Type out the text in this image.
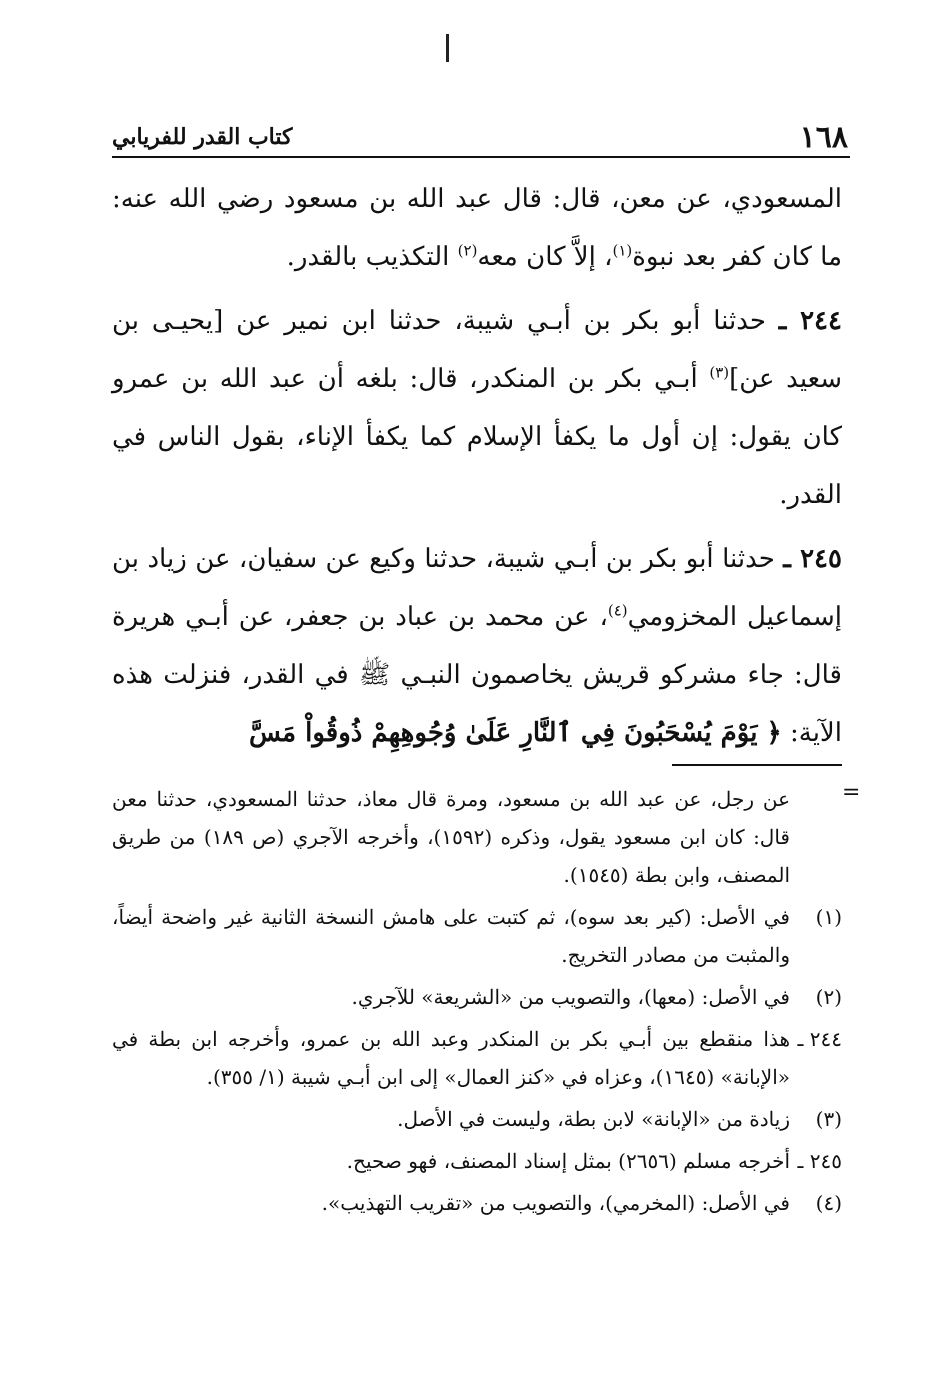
١٦٨
كتاب القدر للفريابي

المسعودي، عن معن، قال: قال عبد الله بن مسعود رضي الله عنه: ما كان كفر بعد نبوة$^{(١)}$، إلاَّ كان معه$^{(٢)}$ التكذيب بالقدر.

٢٤٤ ـ حدثنا أبو بكر بن أبـي شيبة، حدثنا ابن نمير عن [يحيـى بن سعيد عن]$^{(٣)}$ أبـي بكر بن المنكدر، قال: بلغه أن عبد الله بن عمرو كان يقول: إن أول ما يكفأ الإسلام كما يكفأ الإناء، بقول الناس في القدر.

٢٤٥ ـ حدثنا أبو بكر بن أبـي شيبة، حدثنا وكيع عن سفيان، عن زياد بن إسماعيل المخزومي$^{(٤)}$، عن محمد بن عباد بن جعفر، عن أبـي هريرة قال: جاء مشركو قريش يخاصمون النبـي ﷺ في القدر، فنزلت هذه الآية: ﴿ يَوْمَ يُسْحَبُونَ فِي ٱلنَّارِ عَلَىٰ وُجُوهِهِمْ ذُوقُواْ مَسَّ

=
عن رجل، عن عبد الله بن مسعود، ومرة قال معاذ، حدثنا المسعودي، حدثنا معن قال: كان ابن مسعود يقول، وذكره (١٥٩٢)، وأخرجه الآجري (ص ١٨٩) من طريق المصنف، وابن بطة (١٥٤٥).
(١)
في الأصل: (كير بعد سوه)، ثم كتبت على هامش النسخة الثانية غير واضحة أيضاً، والمثبت من مصادر التخريج.
(٢)
في الأصل: (معها)، والتصويب من «الشريعة» للآجري.
٢٤٤ ـ
هذا منقطع بين أبـي بكر بن المنكدر وعبد الله بن عمرو، وأخرجه ابن بطة في «الإبانة» (١٦٤٥)، وعزاه في «كنز العمال» إلى ابن أبـي شيبة (١/ ٣٥٥).
(٣)
زيادة من «الإبانة» لابن بطة، وليست في الأصل.
٢٤٥ ـ
أخرجه مسلم (٢٦٥٦) بمثل إسناد المصنف، فهو صحيح.
(٤)
في الأصل: (المخرمي)، والتصويب من «تقريب التهذيب».
